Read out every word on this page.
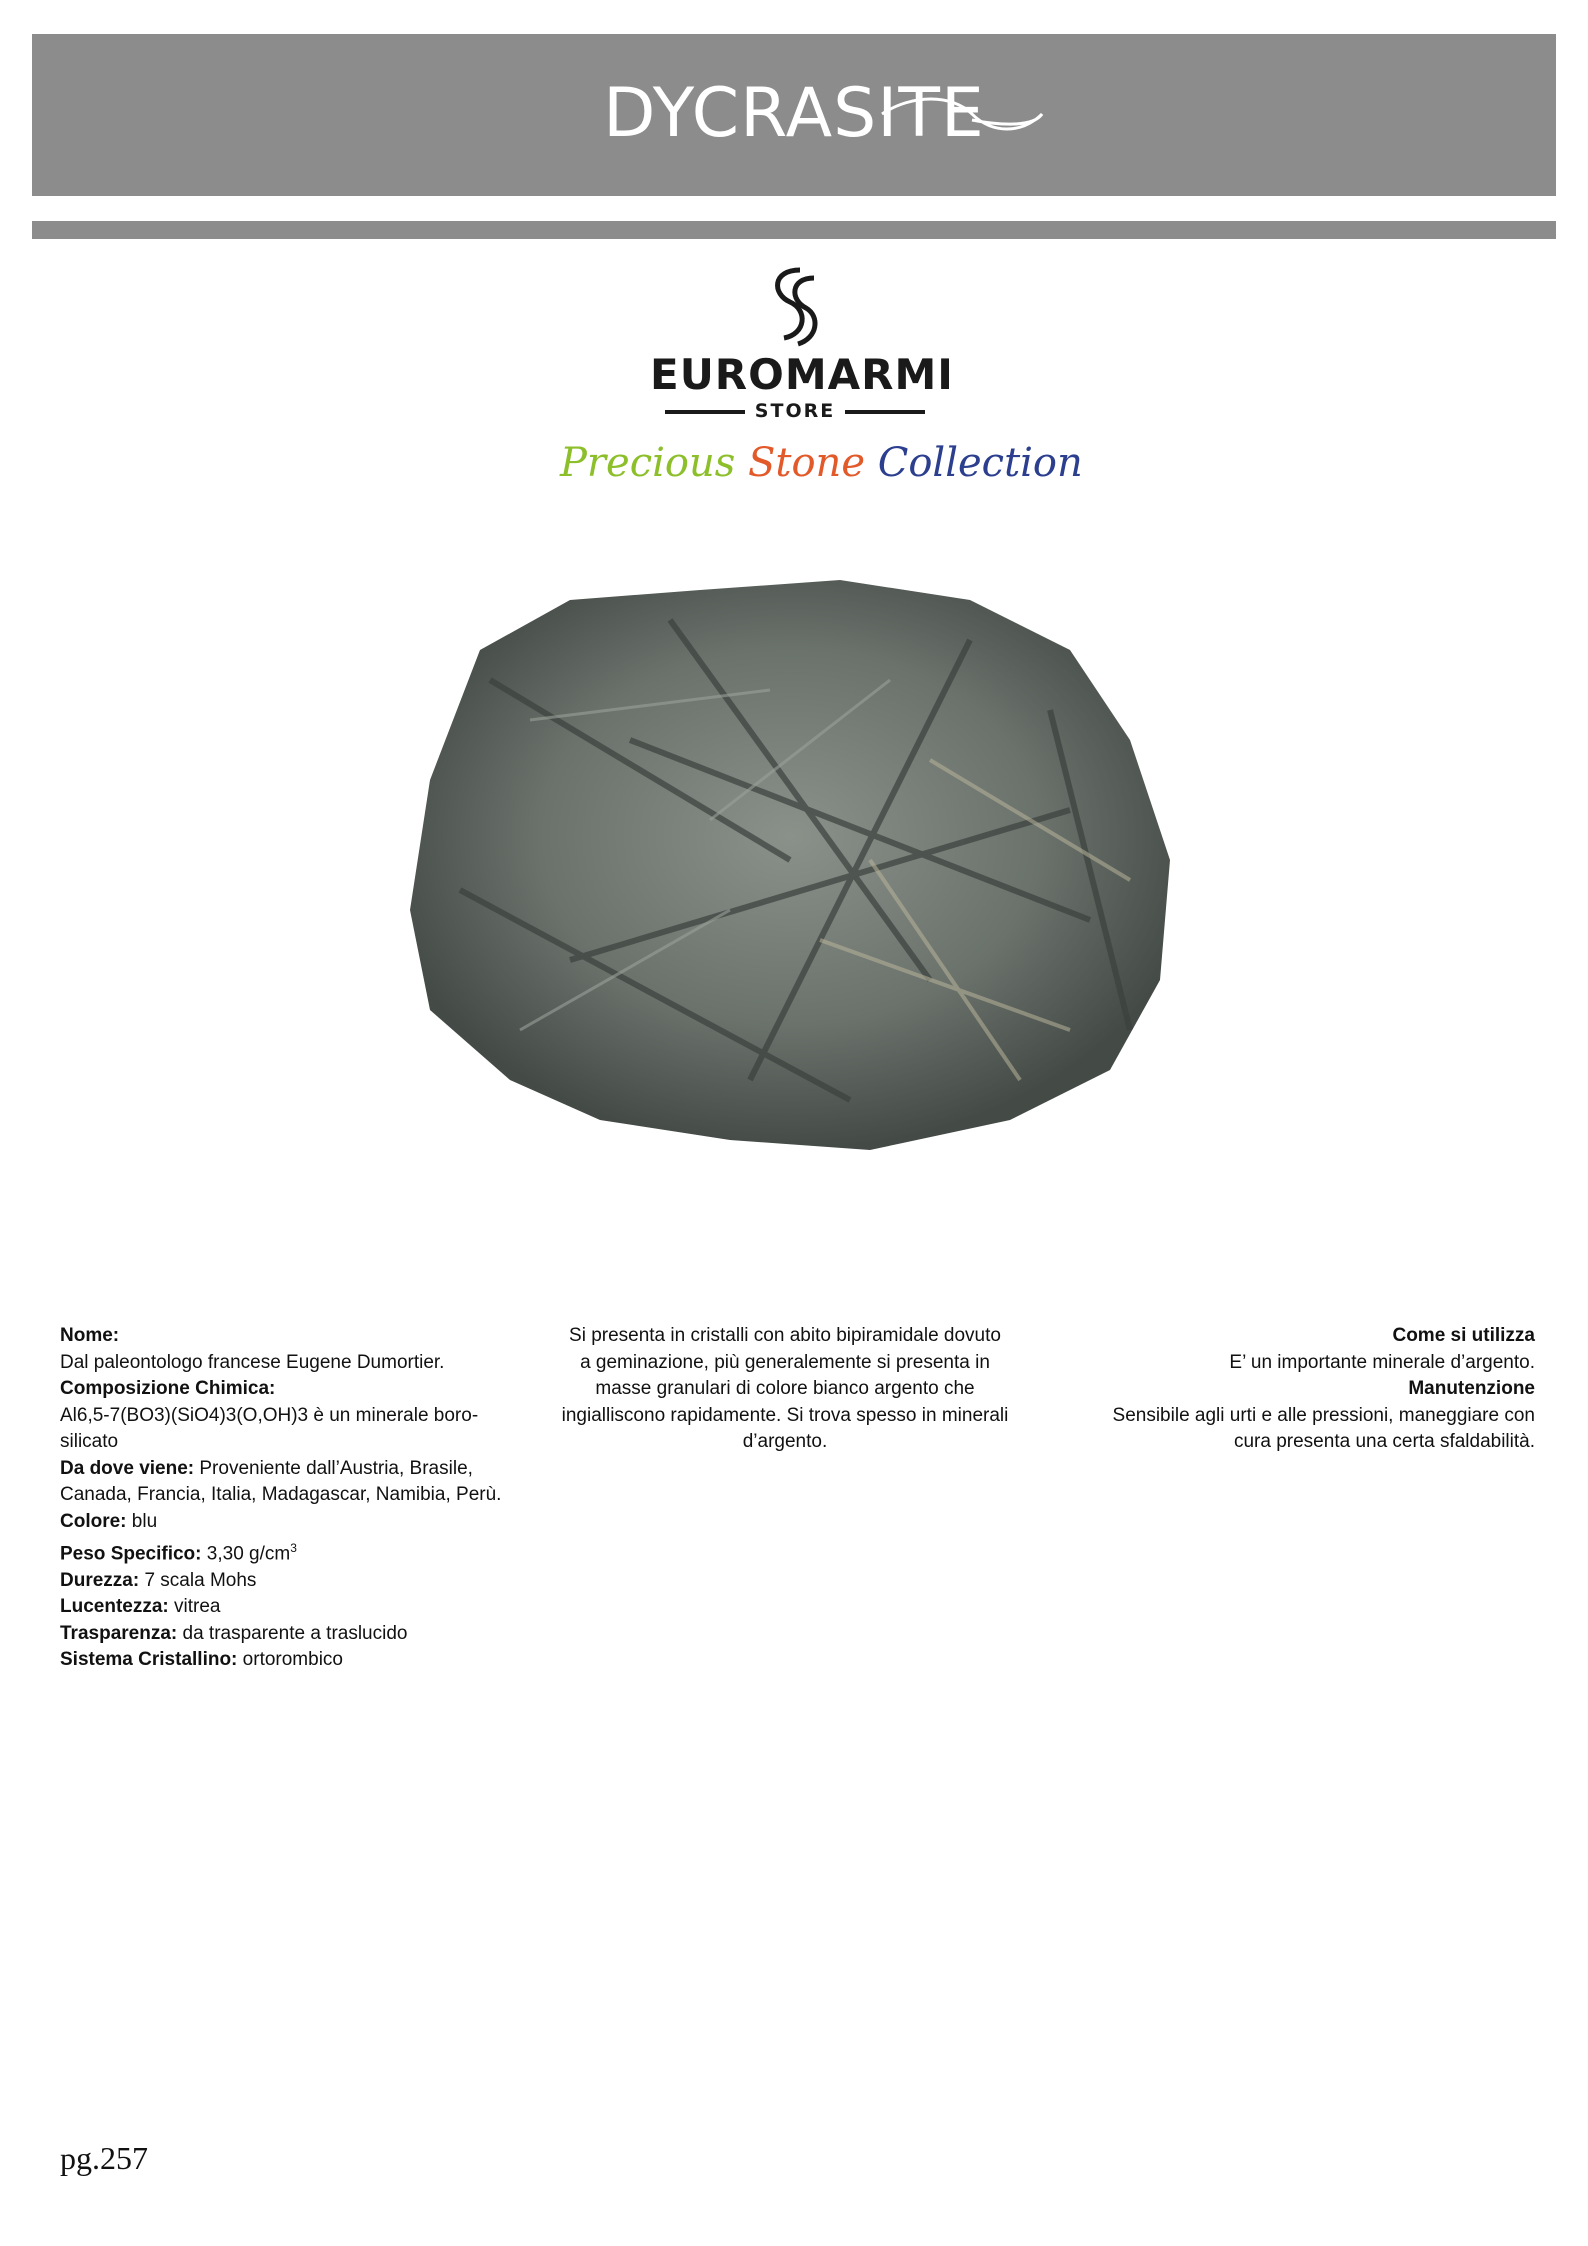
DYCRASITE
EUROMARMI
STORE
Precious Stone Collection
Nome:
Dal paleontologo francese Eugene Dumortier.
Composizione Chimica:
Al6,5-7(BO3)(SiO4)3(O,OH)3 è un minerale boro-
silicato
Da dove viene: Proveniente dall’Austria, Brasile,
Canada, Francia, Italia, Madagascar, Namibia, Perù.
Colore: blu
Peso Specifico: 3,30 $g/cm^3$
Durezza: 7 scala Mohs
Lucentezza: vitrea
Trasparenza: da trasparente a traslucido
Sistema Cristallino: ortorombico
Si presenta in cristalli con abito bipiramidale dovuto
a geminazione, più generalemente si presenta in
masse granulari di colore bianco argento che
ingialliscono rapidamente. Si trova spesso in minerali
d’argento.
Come si utilizza
E’ un importante minerale d’argento.
Manutenzione
Sensibile agli urti e alle pressioni, maneggiare con
cura presenta una certa sfaldabilità.
pg.257
